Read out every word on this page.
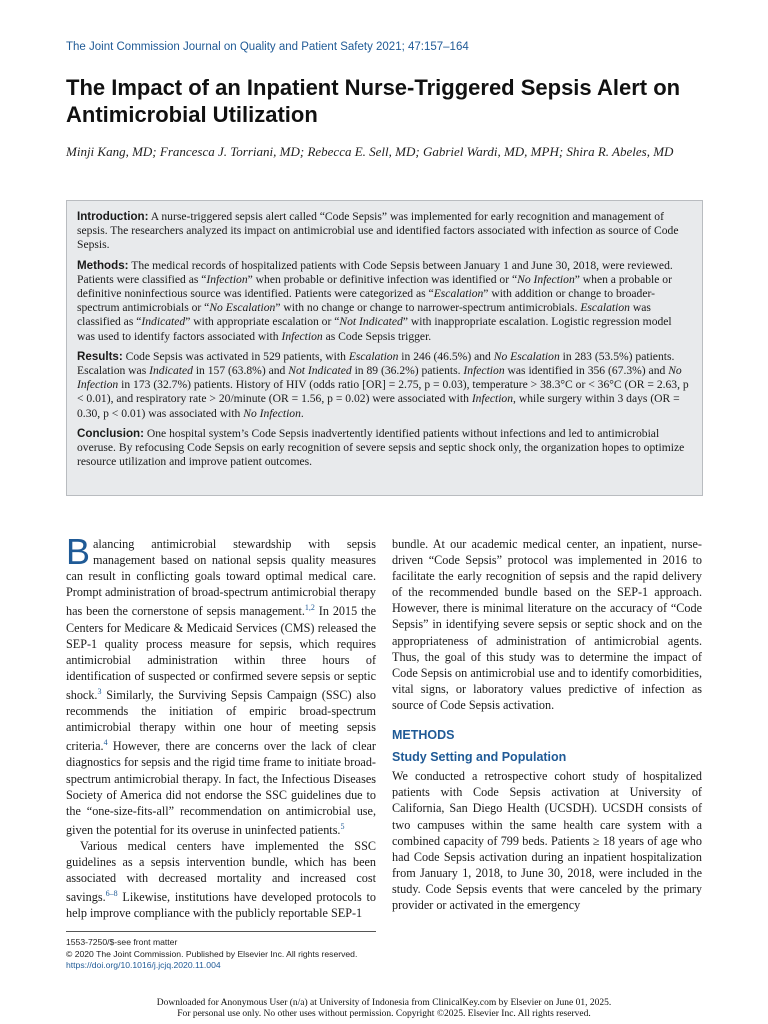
The Joint Commission Journal on Quality and Patient Safety 2021; 47:157–164
The Impact of an Inpatient Nurse-Triggered Sepsis Alert on Antimicrobial Utilization
Minji Kang, MD; Francesca J. Torriani, MD; Rebecca E. Sell, MD; Gabriel Wardi, MD, MPH; Shira R. Abeles, MD

Introduction: A nurse-triggered sepsis alert called “Code Sepsis” was implemented for early recognition and management of sepsis. The researchers analyzed its impact on antimicrobial use and identified factors associated with infection as source of Code Sepsis.

Methods: The medical records of hospitalized patients with Code Sepsis between January 1 and June 30, 2018, were reviewed. Patients were classified as “Infection” when probable or definitive infection was identified or “No Infection” when a probable or definitive noninfectious source was identified. Patients were categorized as “Escalation” with addition or change to broader-spectrum antimicrobials or “No Escalation” with no change or change to narrower-spectrum antimicrobials. Escalation was classified as “Indicated” with appropriate escalation or “Not Indicated” with inappropriate escalation. Logistic regression model was used to identify factors associated with Infection as Code Sepsis trigger.

Results: Code Sepsis was activated in 529 patients, with Escalation in 246 (46.5%) and No Escalation in 283 (53.5%) patients. Escalation was Indicated in 157 (63.8%) and Not Indicated in 89 (36.2%) patients. Infection was identified in 356 (67.3%) and No Infection in 173 (32.7%) patients. History of HIV (odds ratio [OR] = 2.75, p = 0.03), temperature > 38.3°C or < 36°C (OR = 2.63, p < 0.01), and respiratory rate > 20/minute (OR = 1.56, p = 0.02) were associated with Infection, while surgery within 3 days (OR = 0.30, p < 0.01) was associated with No Infection.

Conclusion: One hospital system’s Code Sepsis inadvertently identified patients without infections and led to antimicrobial overuse. By refocusing Code Sepsis on early recognition of severe sepsis and septic shock only, the organization hopes to optimize resource utilization and improve patient outcomes.

Balancing antimicrobial stewardship with sepsis management based on national sepsis quality measures can result in conflicting goals toward optimal medical care. Prompt administration of broad-spectrum antimicrobial therapy has been the cornerstone of sepsis management.$^{1,2}$ In 2015 the Centers for Medicare & Medicaid Services (CMS) released the SEP-1 quality process measure for sepsis, which requires antimicrobial administration within three hours of identification of suspected or confirmed severe sepsis or septic shock.$^3$ Similarly, the Surviving Sepsis Campaign (SSC) also recommends the initiation of empiric broad-spectrum antimicrobial therapy within one hour of meeting sepsis criteria.$^4$ However, there are concerns over the lack of clear diagnostics for sepsis and the rigid time frame to initiate broad-spectrum antimicrobial therapy. In fact, the Infectious Diseases Society of America did not endorse the SSC guidelines due to the “one-size-fits-all” recommendation on antimicrobial use, given the potential for its overuse in uninfected patients.$^5$

Various medical centers have implemented the SSC guidelines as a sepsis intervention bundle, which has been associated with decreased mortality and increased cost savings.$^{6-8}$ Likewise, institutions have developed protocols to help improve compliance with the publicly reportable SEP-1

bundle. At our academic medical center, an inpatient, nurse-driven “Code Sepsis” protocol was implemented in 2016 to facilitate the early recognition of sepsis and the rapid delivery of the recommended bundle based on the SEP-1 approach. However, there is minimal literature on the accuracy of “Code Sepsis” in identifying severe sepsis or septic shock and on the appropriateness of administration of antimicrobial agents. Thus, the goal of this study was to determine the impact of Code Sepsis on antimicrobial use and to identify comorbidities, vital signs, or laboratory values predictive of infection as source of Code Sepsis activation.

METHODS

Study Setting and Population

We conducted a retrospective cohort study of hospitalized patients with Code Sepsis activation at University of California, San Diego Health (UCSDH). UCSDH consists of two campuses within the same health care system with a combined capacity of 799 beds. Patients ≥ 18 years of age who had Code Sepsis activation during an inpatient hospitalization from January 1, 2018, to June 30, 2018, were included in the study. Code Sepsis events that were canceled by the primary provider or activated in the emergency

1553-7250/$-see front matter
© 2020 The Joint Commission. Published by Elsevier Inc. All rights reserved.
https://doi.org/10.1016/j.jcjq.2020.11.004
Downloaded for Anonymous User (n/a) at University of Indonesia from ClinicalKey.com by Elsevier on June 01, 2025.
For personal use only. No other uses without permission. Copyright ©2025. Elsevier Inc. All rights reserved.
